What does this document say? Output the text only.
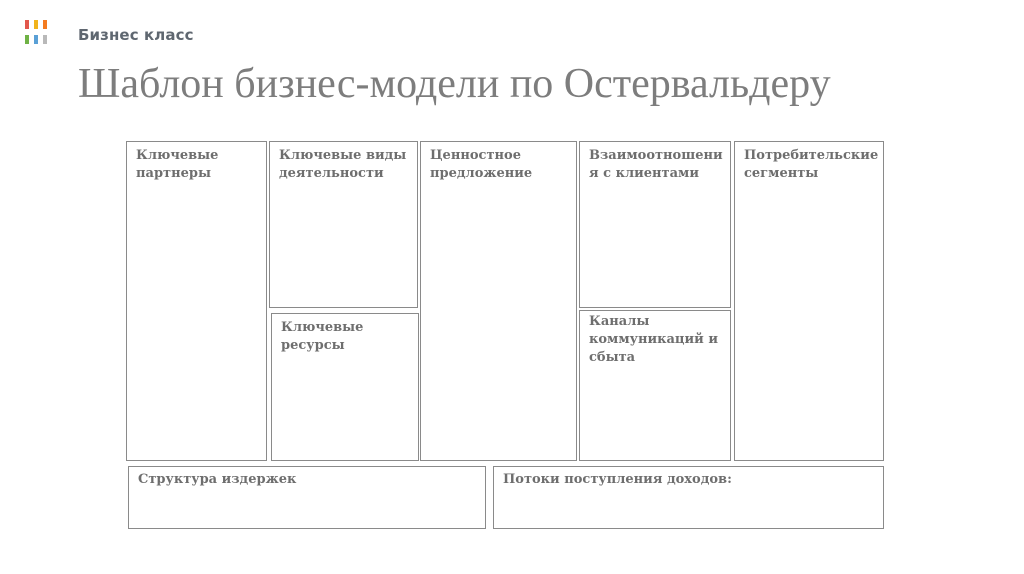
Бизнес класс
Шаблон бизнес-модели по Остервальдеру
Ключевые
партнеры
Ключевые виды
деятельности
Ключевые
ресурсы
Ценностное
предложение
Взаимоотношени
я с клиентами
Каналы
коммуникаций и
сбыта
Потребительские
сегменты
Структура издержек	Потоки поступления доходов:
